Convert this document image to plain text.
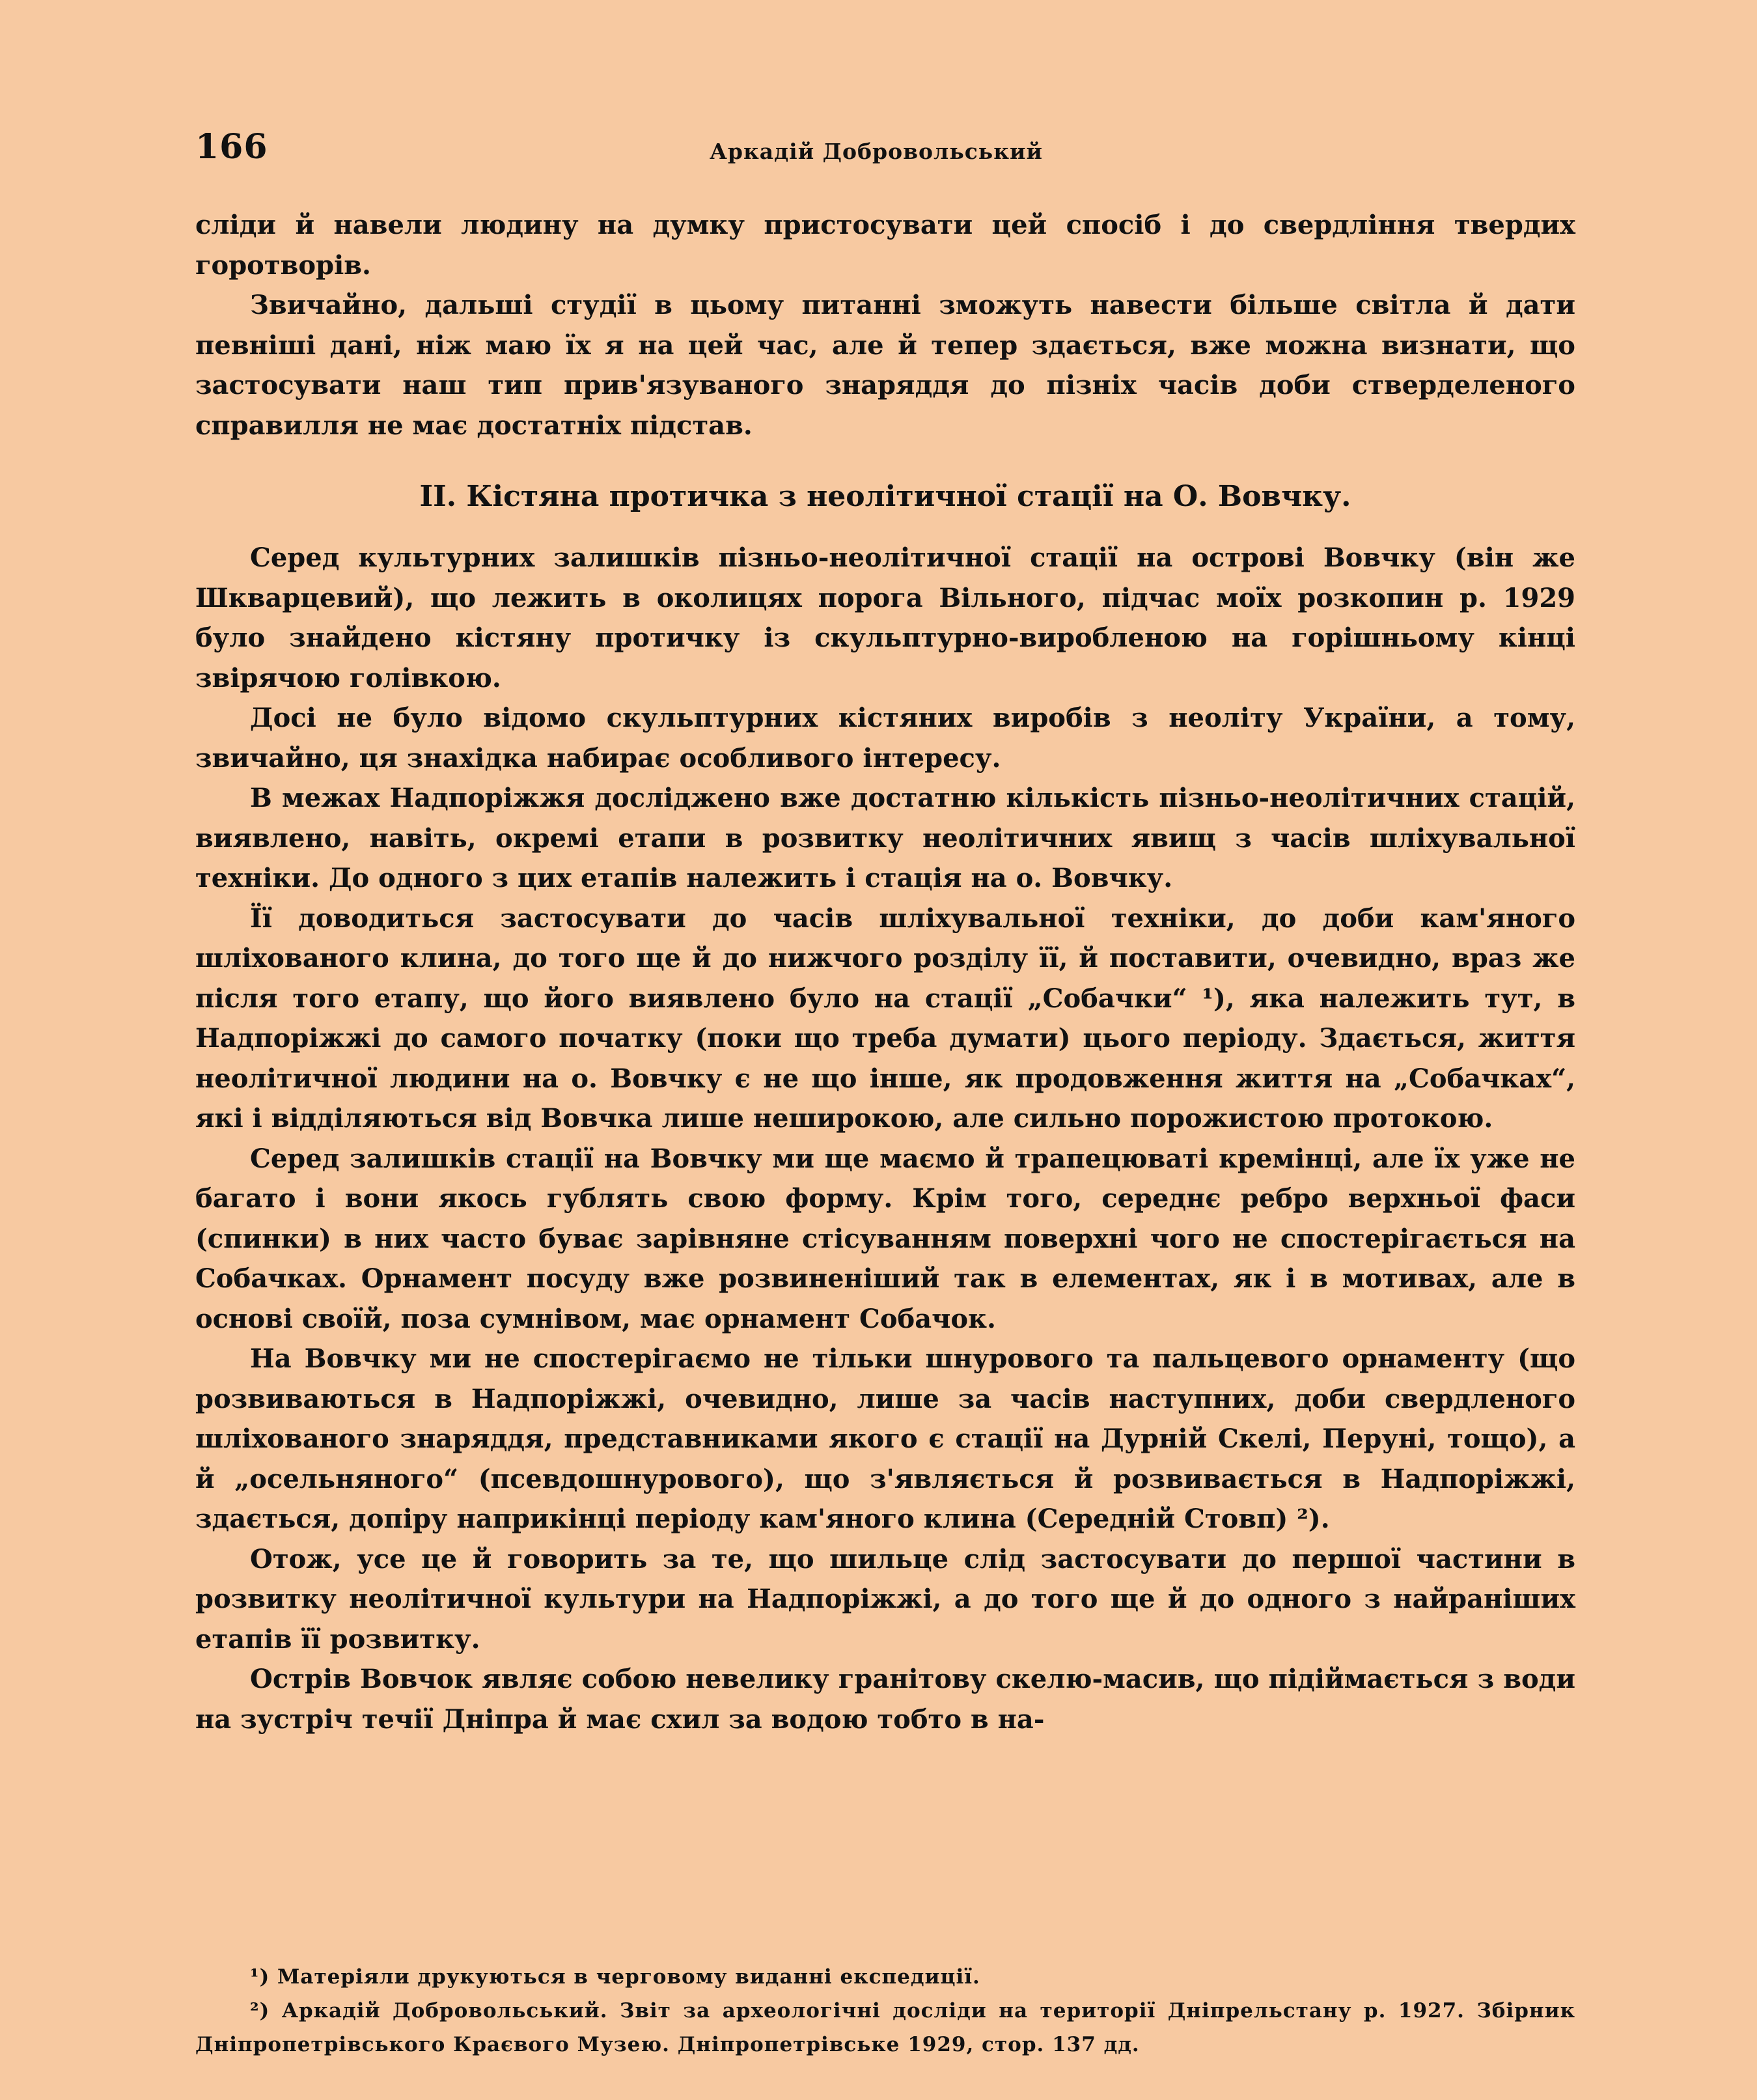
166	Аркадій Добровольський

сліди й навели людину на думку пристосувати цей спосіб і до свердління твердих горотворів.

Звичайно, дальші студії в цьому питанні зможуть навести більше світла й дати певніші дані, ніж маю їх я на цей час, але й тепер здається, вже можна визнати, що застосувати наш тип прив'язуваного знаряддя до пізніх часів доби стверделеного справилля не має достатніх підстав.

II. Кістяна протичка з неолітичної стації на О. Вовчку.

Серед культурних залишків пізньо-неолітичної стації на острові Вовчку (він же Шкварцевий), що лежить в околицях порога Вільного, підчас моїх розкопин р. 1929 було знайдено кістяну протичку із скульптурно-виробленою на горішньому кінці звірячою голівкою.

Досі не було відомо скульптурних кістяних виробів з неоліту України, а тому, звичайно, ця знахідка набирає особливого інтересу.

В межах Надпоріжжя досліджено вже достатню кількість пізньо-неолітичних стацій, виявлено, навіть, окремі етапи в розвитку неолітичних явищ з часів шліхувальної техніки. До одного з цих етапів належить і стація на о. Вовчку.

Її доводиться застосувати до часів шліхувальної техніки, до доби кам'яного шліхованого клина, до того ще й до нижчого розділу її, й поставити, очевидно, враз же після того етапу, що його виявлено було на стації „Собачки“ ¹), яка належить тут, в Надпоріжжі до самого початку (поки що треба думати) цього періоду. Здається, життя неолітичної людини на о. Вовчку є не що інше, як продовження життя на „Собачках“, які і відділяються від Вовчка лише неширокою, але сильно порожистою протокою.

Серед залишків стації на Вовчку ми ще маємо й трапецюваті кремінці, але їх уже не багато і вони якось гублять свою форму. Крім того, середнє ребро верхньої фаси (спинки) в них часто буває зарівняне стісуванням поверхні чого не спостерігається на Собачках. Орнамент посуду вже розвиненіший так в елементах, як і в мотивах, але в основі своїй, поза сумнівом, має орнамент Собачок.

На Вовчку ми не спостерігаємо не тільки шнурового та пальцевого орнаменту (що розвиваються в Надпоріжжі, очевидно, лише за часів наступних, доби свердленого шліхованого знаряддя, представниками якого є стації на Дурній Скелі, Перуні, тощо), а й „осельняного“ (псевдошнурового), що з'являється й розвивається в Надпоріжжі, здається, допіру наприкінці періоду кам'яного клина (Середній Стовп) ²).

Отож, усе це й говорить за те, що шильце слід застосувати до першої частини в розвитку неолітичної культури на Надпоріжжі, а до того ще й до одного з найраніших етапів її розвитку.

Острів Вовчок являє собою невелику гранітову скелю-масив, що підіймається з води на зустріч течії Дніпра й має схил за водою тобто в на-

¹) Матеріяли друкуються в черговому виданні експедиції.

²) Аркадій Добровольський. Звіт за археологічні досліди на території Дніпрельстану р. 1927. Збірник Дніпропетрівського Краєвого Музею. Дніпропетрівське 1929, стор. 137 дд.
